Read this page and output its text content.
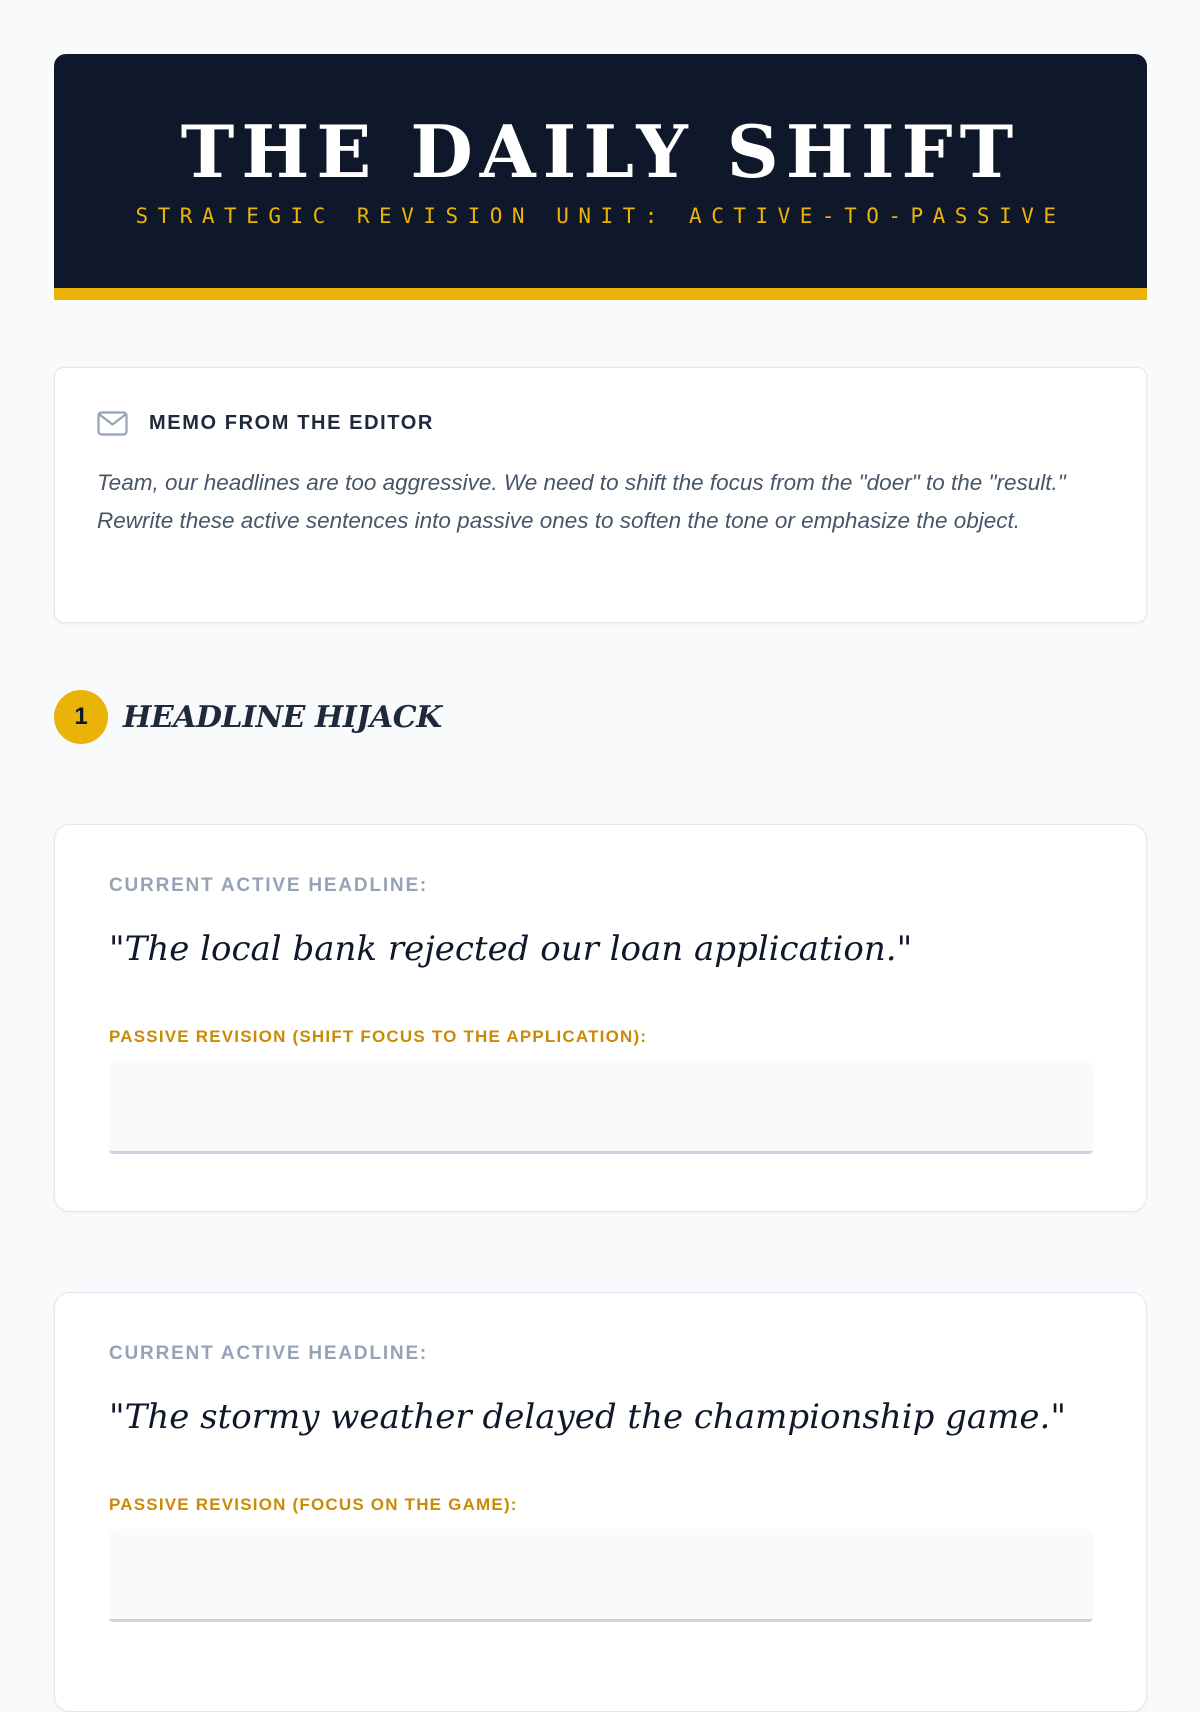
THE DAILY SHIFT

STRATEGIC REVISION UNIT: ACTIVE-TO-PASSIVE

MEMO FROM THE EDITOR

Team, our headlines are too aggressive. We need to shift the focus from the "doer" to the "result." Rewrite these active sentences into passive ones to soften the tone or emphasize the object.

1	HEADLINE HIJACK

CURRENT ACTIVE HEADLINE:

"The local bank rejected our loan application."

PASSIVE REVISION (SHIFT FOCUS TO THE APPLICATION):

CURRENT ACTIVE HEADLINE:

"The stormy weather delayed the championship game."

PASSIVE REVISION (FOCUS ON THE GAME):
